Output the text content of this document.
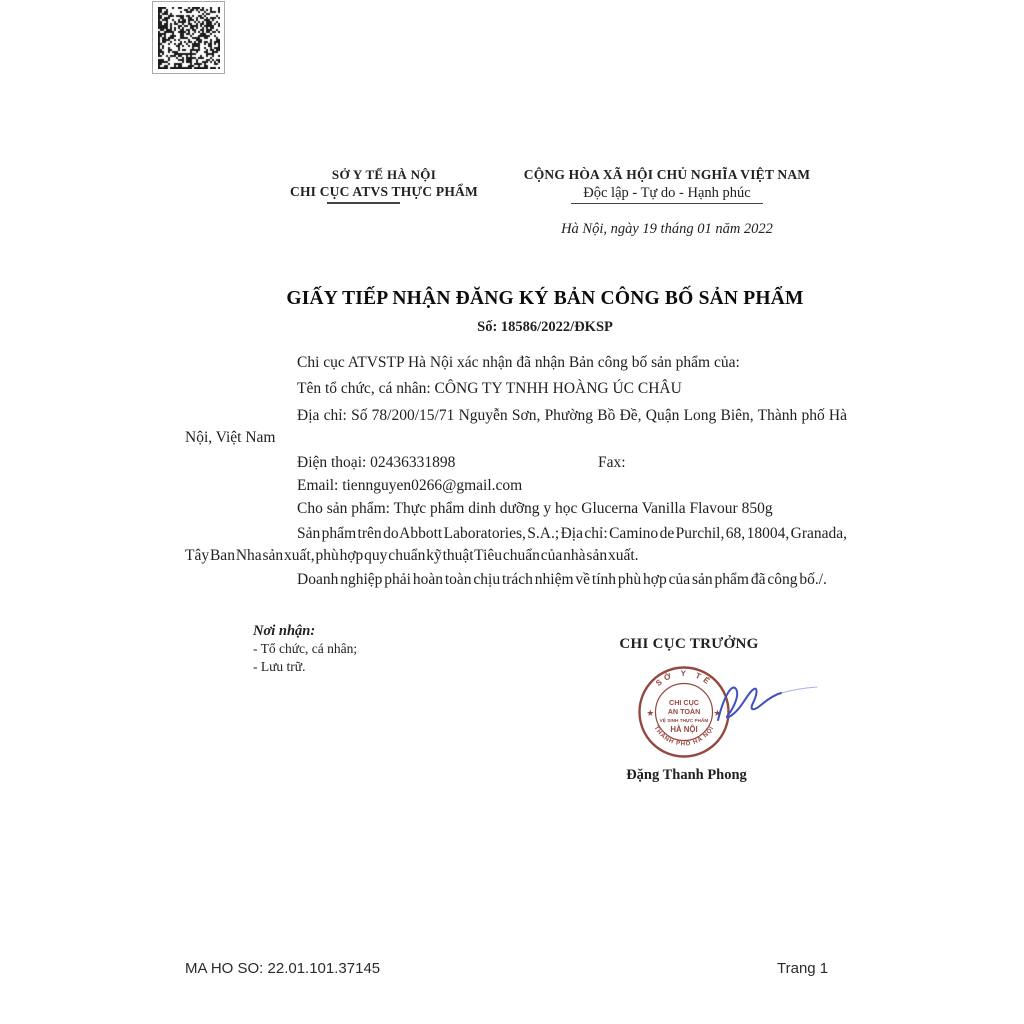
SỞ Y TẾ HÀ NỘI
CHI CỤC ATVS THỰC PHẨM
CỘNG HÒA XÃ HỘI CHỦ NGHĨA VIỆT NAM
Độc lập - Tự do - Hạnh phúc
Hà Nội, ngày 19 tháng 01 năm 2022
GIẤY TIẾP NHẬN ĐĂNG KÝ BẢN CÔNG BỐ SẢN PHẨM
Số: 18586/2022/ĐKSP

Chi cục ATVSTP Hà Nội xác nhận đã nhận Bản công bố sản phẩm của:

Tên tổ chức, cá nhân: CÔNG TY TNHH HOÀNG ÚC CHÂU

Địa chỉ: Số 78/200/15/71 Nguyễn Sơn, Phường Bồ Đề, Quận Long Biên, Thành phố Hà Nội, Việt Nam

Điện thoại: 02436331898	Fax:

Email: tiennguyen0266@gmail.com

Cho sản phẩm: Thực phẩm dinh dưỡng y học Glucerna Vanilla Flavour 850g

Sản phẩm trên do Abbott Laboratories, S.A.; Địa chỉ: Camino de Purchil, 68, 18004, Granada, Tây Ban Nha sản xuất, phù hợp quy chuẩn kỹ thuật Tiêu chuẩn của nhà sản xuất.

Doanh nghiệp phải hoàn toàn chịu trách nhiệm về tính phù hợp của sản phẩm đã công bố./.

Nơi nhận:
- Tổ chức, cá nhân;
- Lưu trữ.
CHI CỤC TRƯỞNG
SỞ Y TẾ
THÀNH PHỐ HÀ NỘI
★	★
CHI CỤC
AN TOÀN
VỆ SINH THỰC PHẨM
HÀ NỘI
Đặng Thanh Phong
MA HO SO: 22.01.101.37145	Trang 1
